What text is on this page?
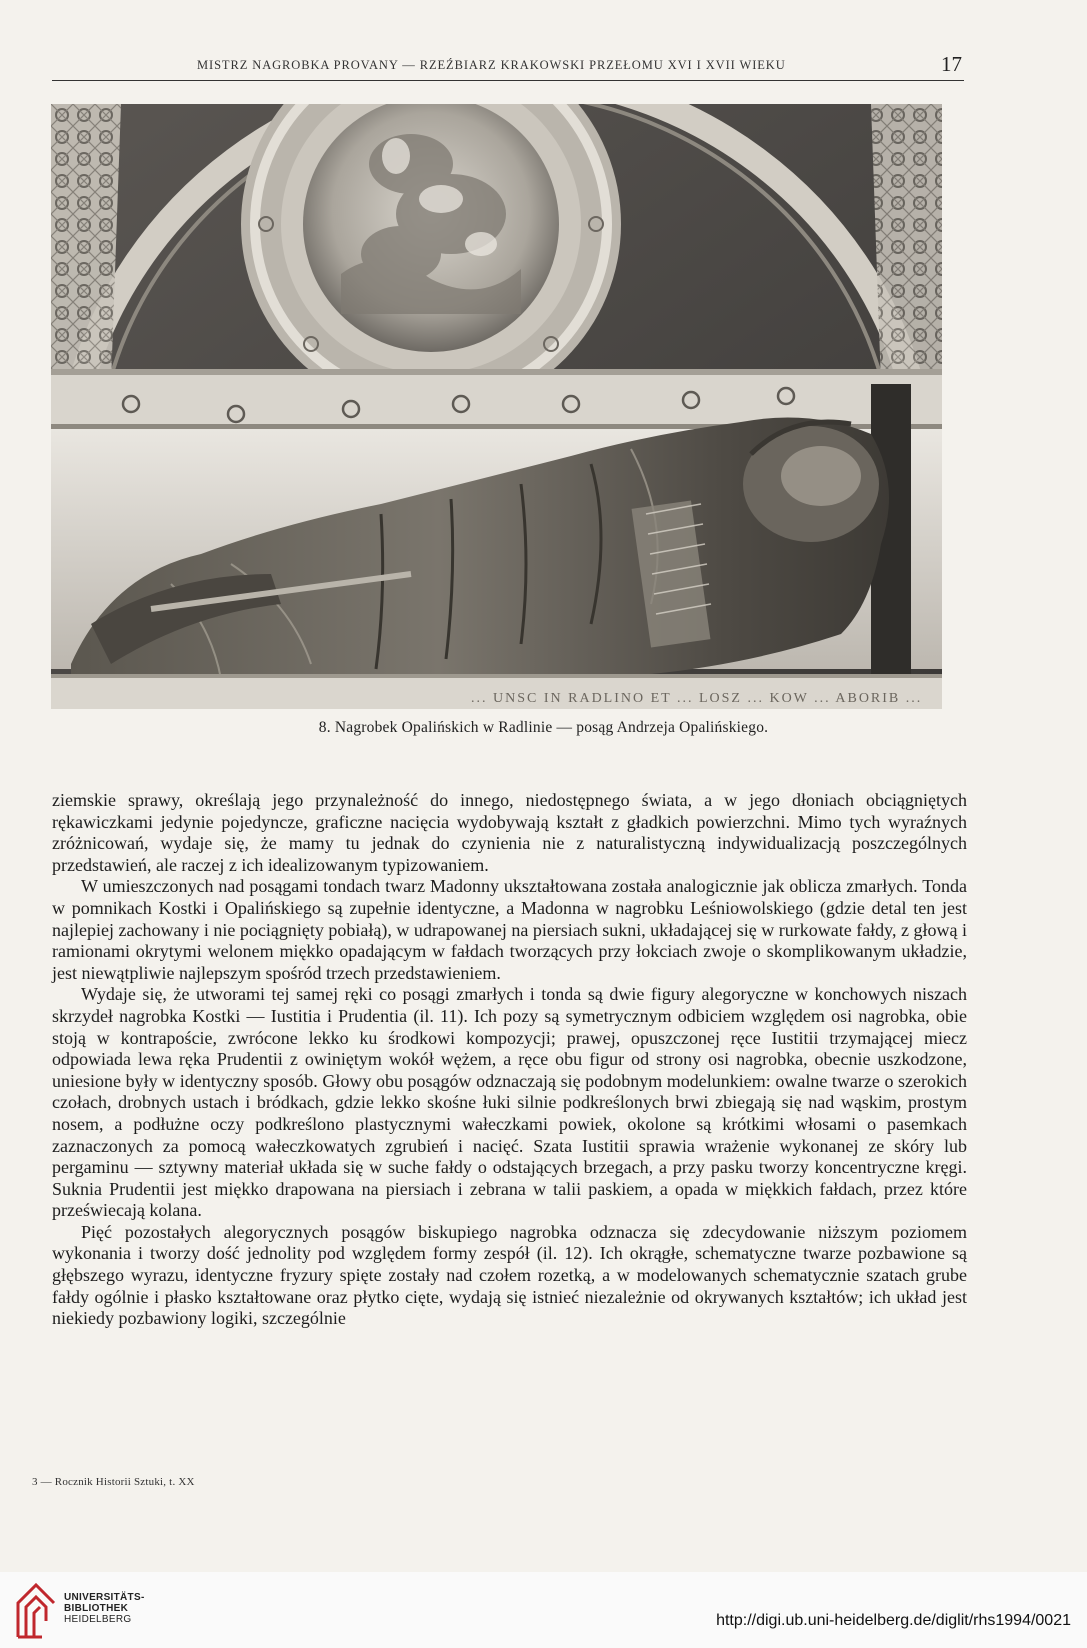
MISTRZ NAGROBKA PROVANY — RZEŹBIARZ KRAKOWSKI PRZEŁOMU XVI I XVII WIEKU	17
... UNSC IN RADLINO ET ... LOSZ ... KOW ... ABORIB ...
8. Nagrobek Opalińskich w Radlinie — posąg Andrzeja Opalińskiego.

ziemskie sprawy, określają jego przynależność do innego, niedostępnego świata, a w jego dłoniach obciągniętych rękawiczkami jedynie pojedyncze, graficzne nacięcia wydobywają kształt z gładkich powierzchni. Mimo tych wyraźnych zróżnicowań, wydaje się, że mamy tu jednak do czynienia nie z naturalistyczną indywidualizacją poszczególnych przedstawień, ale raczej z ich idealizowanym typizowaniem.

W umieszczonych nad posągami tondach twarz Madonny ukształtowana została analogicznie jak oblicza zmarłych. Tonda w pomnikach Kostki i Opalińskiego są zupełnie identyczne, a Madonna w nagrobku Leśniowolskiego (gdzie detal ten jest najlepiej zachowany i nie pociągnięty pobiałą), w udrapowanej na piersiach sukni, układającej się w rurkowate fałdy, z głową i ramionami okrytymi welonem miękko opadającym w fałdach tworzących przy łokciach zwoje o skomplikowanym układzie, jest niewątpliwie najlepszym spośród trzech przedstawieniem.

Wydaje się, że utworami tej samej ręki co posągi zmarłych i tonda są dwie figury alegoryczne w konchowych niszach skrzydeł nagrobka Kostki — Iustitia i Prudentia (il. 11). Ich pozy są symetrycznym odbiciem względem osi nagrobka, obie stoją w kontrapoście, zwrócone lekko ku środkowi kompozycji; prawej, opuszczonej ręce Iustitii trzymającej miecz odpowiada lewa ręka Prudentii z owiniętym wokół wężem, a ręce obu figur od strony osi nagrobka, obecnie uszkodzone, uniesione były w identyczny sposób. Głowy obu posągów odznaczają się podobnym modelunkiem: owalne twarze o szerokich czołach, drobnych ustach i bródkach, gdzie lekko skośne łuki silnie podkreślonych brwi zbiegają się nad wąskim, prostym nosem, a podłużne oczy podkreślono plastycznymi wałeczkami powiek, okolone są krótkimi włosami o pasemkach zaznaczonych za pomocą wałeczkowatych zgrubień i nacięć. Szata Iustitii sprawia wrażenie wykonanej ze skóry lub pergaminu — sztywny materiał układa się w suche fałdy o odstających brzegach, a przy pasku tworzy koncentryczne kręgi. Suknia Prudentii jest miękko drapowana na piersiach i zebrana w talii paskiem, a opada w miękkich fałdach, przez które przeświecają kolana.

Pięć pozostałych alegorycznych posągów biskupiego nagrobka odznacza się zdecydowanie niższym poziomem wykonania i tworzy dość jednolity pod względem formy zespół (il. 12). Ich okrągłe, schematyczne twarze pozbawione są głębszego wyrazu, identyczne fryzury spięte zostały nad czołem rozetką, a w modelowanych schematycznie szatach grube fałdy ogólnie i płasko kształtowane oraz płytko cięte, wydają się istnieć niezależnie od okrywanych kształtów; ich układ jest niekiedy pozbawiony logiki, szczególnie

3 — Rocznik Historii Sztuki, t. XX
UNIVERSITÄTS-
BIBLIOTHEK
HEIDELBERG	http://digi.ub.uni-heidelberg.de/diglit/rhs1994/0021
